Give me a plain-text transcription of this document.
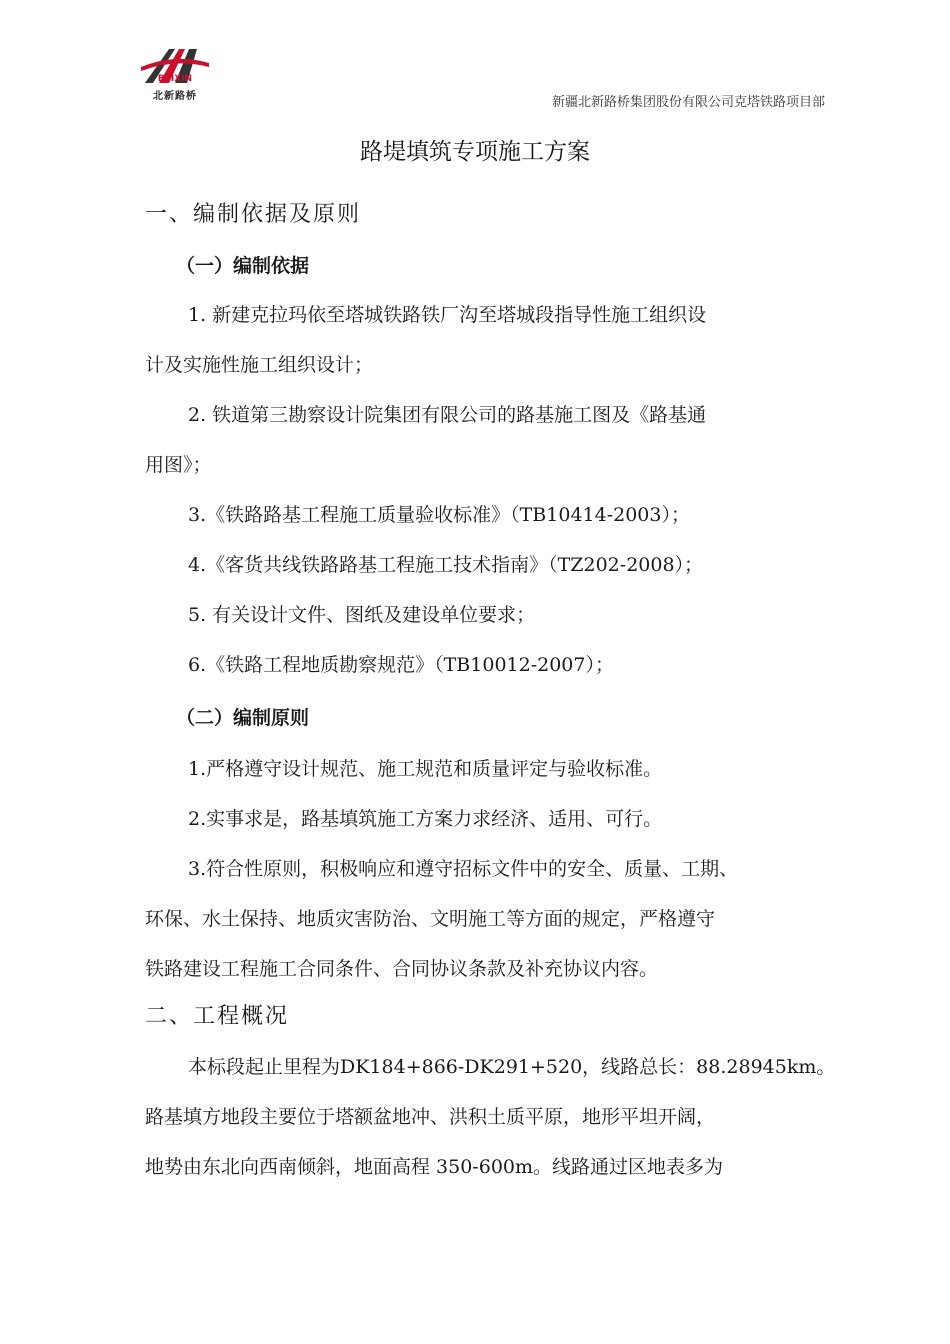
BEIXIN
北新路桥	新疆北新路桥集团股份有限公司克塔铁路项目部
路堤填筑专项施工方案
一、编制依据及原则
（一）编制依据
1. 新建克拉玛依至塔城铁路铁厂沟至塔城段指导性施工组织设
计及实施性施工组织设计；
2. 铁道第三勘察设计院集团有限公司的路基施工图及《路基通
用图》；
3.《铁路路基工程施工质量验收标准》（TB10414-2003）；
4.《客货共线铁路路基工程施工技术指南》（TZ202-2008）；
5. 有关设计文件、图纸及建设单位要求；
6.《铁路工程地质勘察规范》（TB10012-2007）；
（二）编制原则
1.严格遵守设计规范、施工规范和质量评定与验收标准。
2.实事求是，路基填筑施工方案力求经济、适用、可行。
3.符合性原则，积极响应和遵守招标文件中的安全、质量、工期、
环保、水土保持、地质灾害防治、文明施工等方面的规定，严格遵守
铁路建设工程施工合同条件、合同协议条款及补充协议内容。
二、工程概况
本标段起止里程为DK184+866-DK291+520，线路总长：88.28945km。
路基填方地段主要位于塔额盆地冲、洪积土质平原，地形平坦开阔，
地势由东北向西南倾斜，地面高程 350-600m。线路通过区地表多为
